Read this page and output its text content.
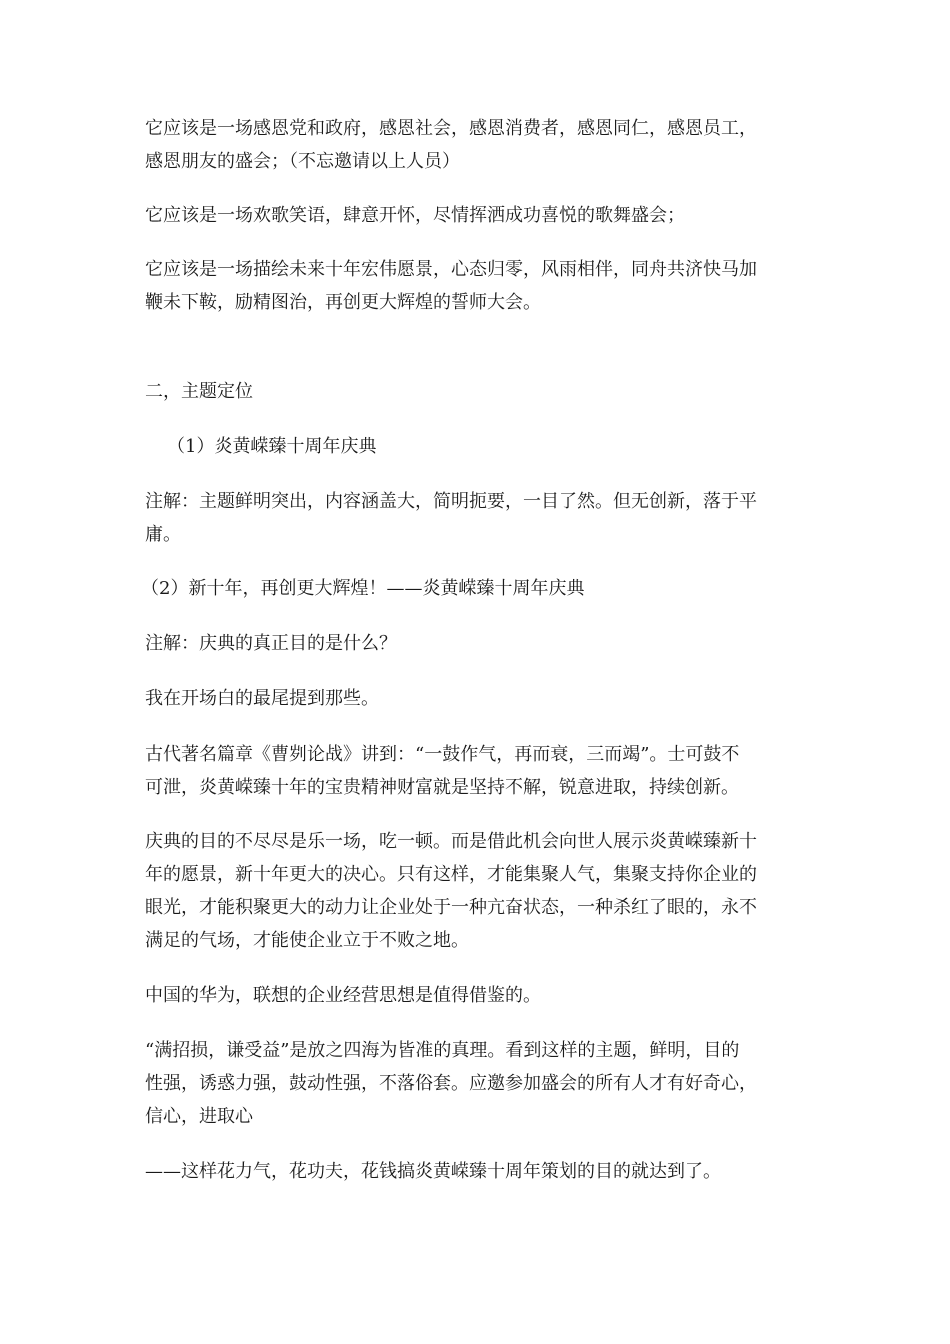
它应该是一场感恩党和政府，感恩社会，感恩消费者，感恩同仁，感恩员工，
感恩朋友的盛会；（不忘邀请以上人员）
它应该是一场欢歌笑语，肆意开怀，尽情挥洒成功喜悦的歌舞盛会；
它应该是一场描绘未来十年宏伟愿景，心态归零，风雨相伴，同舟共济快马加
鞭未下鞍，励精图治，再创更大辉煌的誓师大会。
二，主题定位
（1）炎黄嵘臻十周年庆典
注解：主题鲜明突出，内容涵盖大，简明扼要，一目了然。但无创新，落于平
庸。
（2）新十年，再创更大辉煌！——炎黄嵘臻十周年庆典
注解：庆典的真正目的是什么？
我在开场白的最尾提到那些。
古代著名篇章《曹刿论战》讲到：“一鼓作气，再而衰，三而竭”。士可鼓不
可泄，炎黄嵘臻十年的宝贵精神财富就是坚持不解，锐意进取，持续创新。
庆典的目的不尽尽是乐一场，吃一顿。而是借此机会向世人展示炎黄嵘臻新十
年的愿景，新十年更大的决心。只有这样，才能集聚人气，集聚支持你企业的
眼光，才能积聚更大的动力让企业处于一种亢奋状态，一种杀红了眼的，永不
满足的气场，才能使企业立于不败之地。
中国的华为，联想的企业经营思想是值得借鉴的。
“满招损，谦受益”是放之四海为皆准的真理。看到这样的主题，鲜明，目的
性强，诱惑力强，鼓动性强，不落俗套。应邀参加盛会的所有人才有好奇心，
信心，进取心
——这样花力气，花功夫，花钱搞炎黄嵘臻十周年策划的目的就达到了。
